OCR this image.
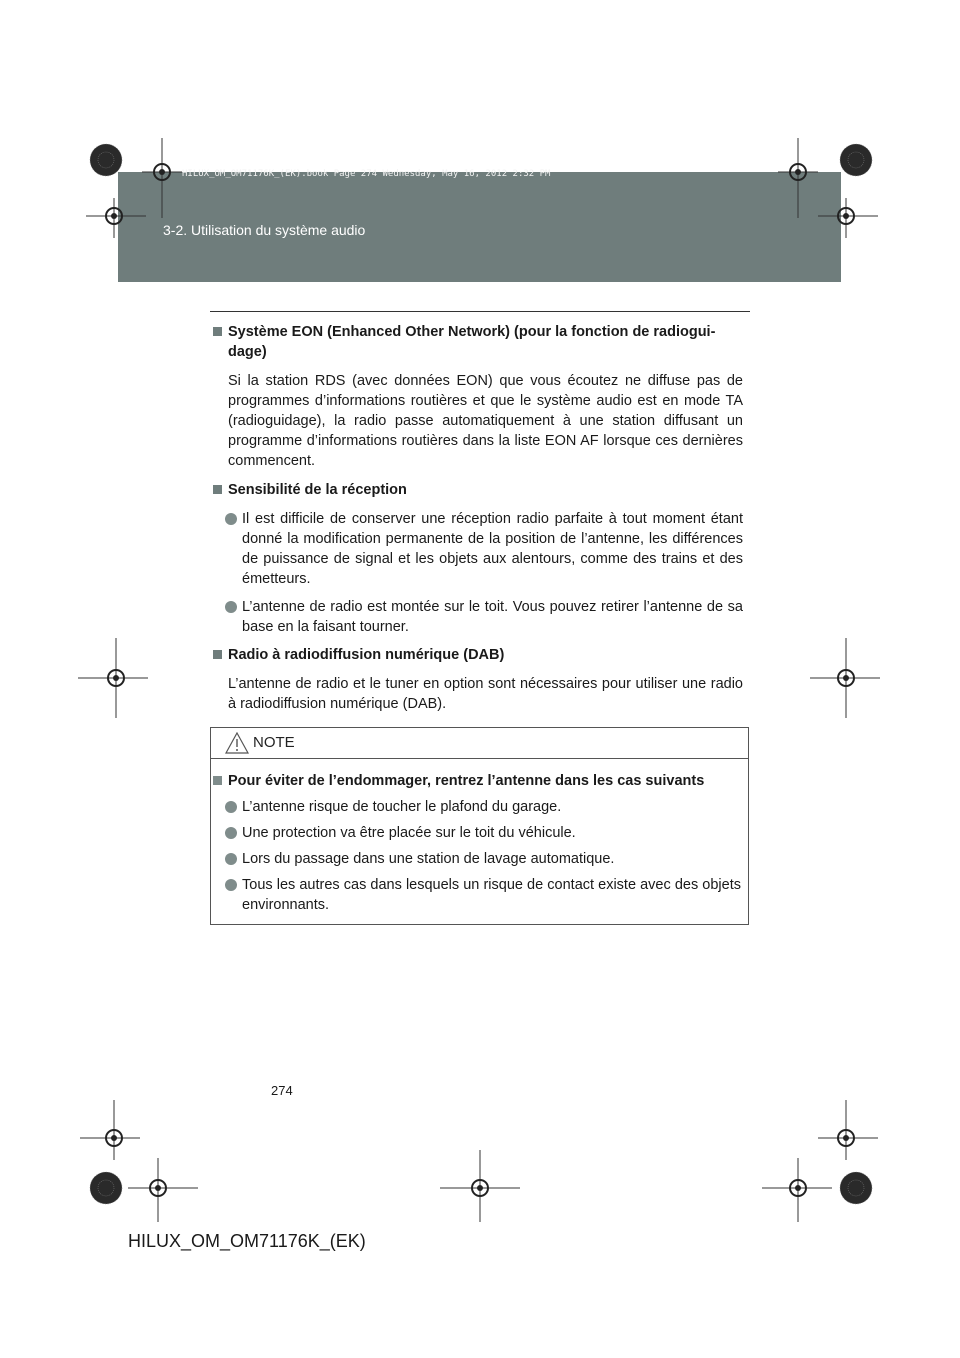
3-2. Utilisation du système audio
HILUX_OM_OM71176K_(EK).book Page 274 Wednesday, May 16, 2012 2:32 PM
Système EON (Enhanced Other Network) (pour la fonction de radiogui-dage)
Si la station RDS (avec données EON) que vous écoutez ne diffuse pas de programmes d’informations routières et que le système audio est en mode TA (radioguidage), la radio passe automatiquement à une station diffusant un programme d’informations routières dans la liste EON AF lorsque ces dernières commencent.
Sensibilité de la réception
Il est difficile de conserver une réception radio parfaite à tout moment étant donné la modification permanente de la position de l’antenne, les différences de puissance de signal et les objets aux alentours, comme des trains et des émetteurs.
L’antenne de radio est montée sur le toit. Vous pouvez retirer l’antenne de sa base en la faisant tourner.
Radio à radiodiffusion numérique (DAB)
L’antenne de radio et le tuner en option sont nécessaires pour utiliser une radio à radiodiffusion numérique (DAB).
NOTE
Pour éviter de l’endommager, rentrez l’antenne dans les cas suivants
L’antenne risque de toucher le plafond du garage.
Une protection va être placée sur le toit du véhicule.
Lors du passage dans une station de lavage automatique.
Tous les autres cas dans lesquels un risque de contact existe avec des objets environnants.
274
HILUX_OM_OM71176K_(EK)
